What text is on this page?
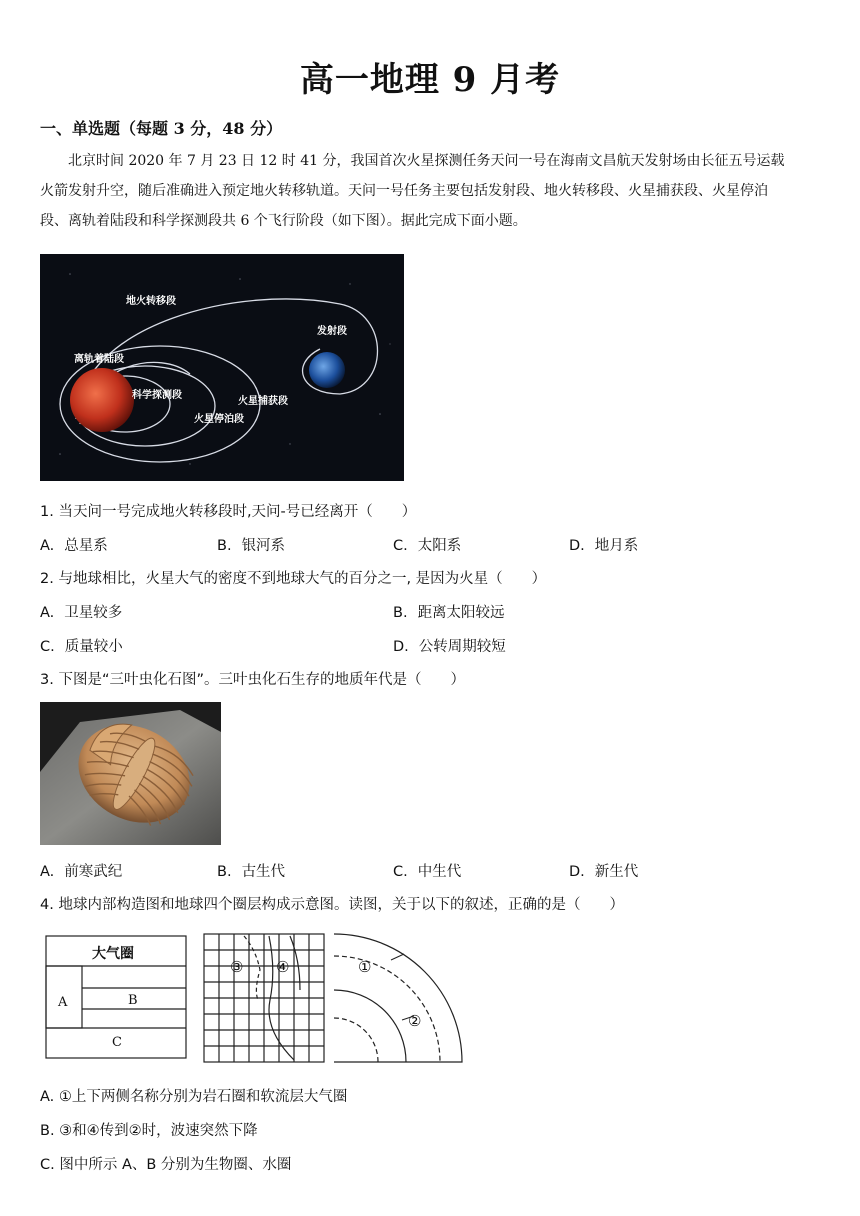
高一地理 9 月考
一、单选题（每题 3 分，48 分）
北京时间 2020 年 7 月 23 日 12 时 41 分，我国首次火星探测任务天问一号在海南文昌航天发射场由长征五号运载
火箭发射升空，随后准确进入预定地火转移轨道。天问一号任务主要包括发射段、地火转移段、火星捕获段、火星停泊
段、离轨着陆段和科学探测段共 6 个飞行阶段（如下图）。据此完成下面小题。
地火转移段
发射段
离轨着陆段
科学探测段
火星捕获段
火星停泊段
1. 当天问一号完成地火转移段时,天问-号已经离开（　　）
A. 总星系	B. 银河系	C. 太阳系	D. 地月系
2. 与地球相比，火星大气的密度不到地球大气的百分之一, 是因为火星（　　）
A. 卫星较多	B. 距离太阳较远
C. 质量较小	D. 公转周期较短
3. 下图是“三叶虫化石图”。三叶虫化石生存的地质年代是（　　）
A. 前寒武纪	B. 古生代	C. 中生代	D. 新生代
4. 地球内部构造图和地球四个圈层构成示意图。读图，关于以下的叙述，正确的是（　　）
大气圈
A	B
C
③ ④	①
②
A. ①上下两侧名称分别为岩石圈和软流层大气圈
B. ③和④传到②时，波速突然下降
C. 图中所示 A、B 分别为生物圈、水圈
